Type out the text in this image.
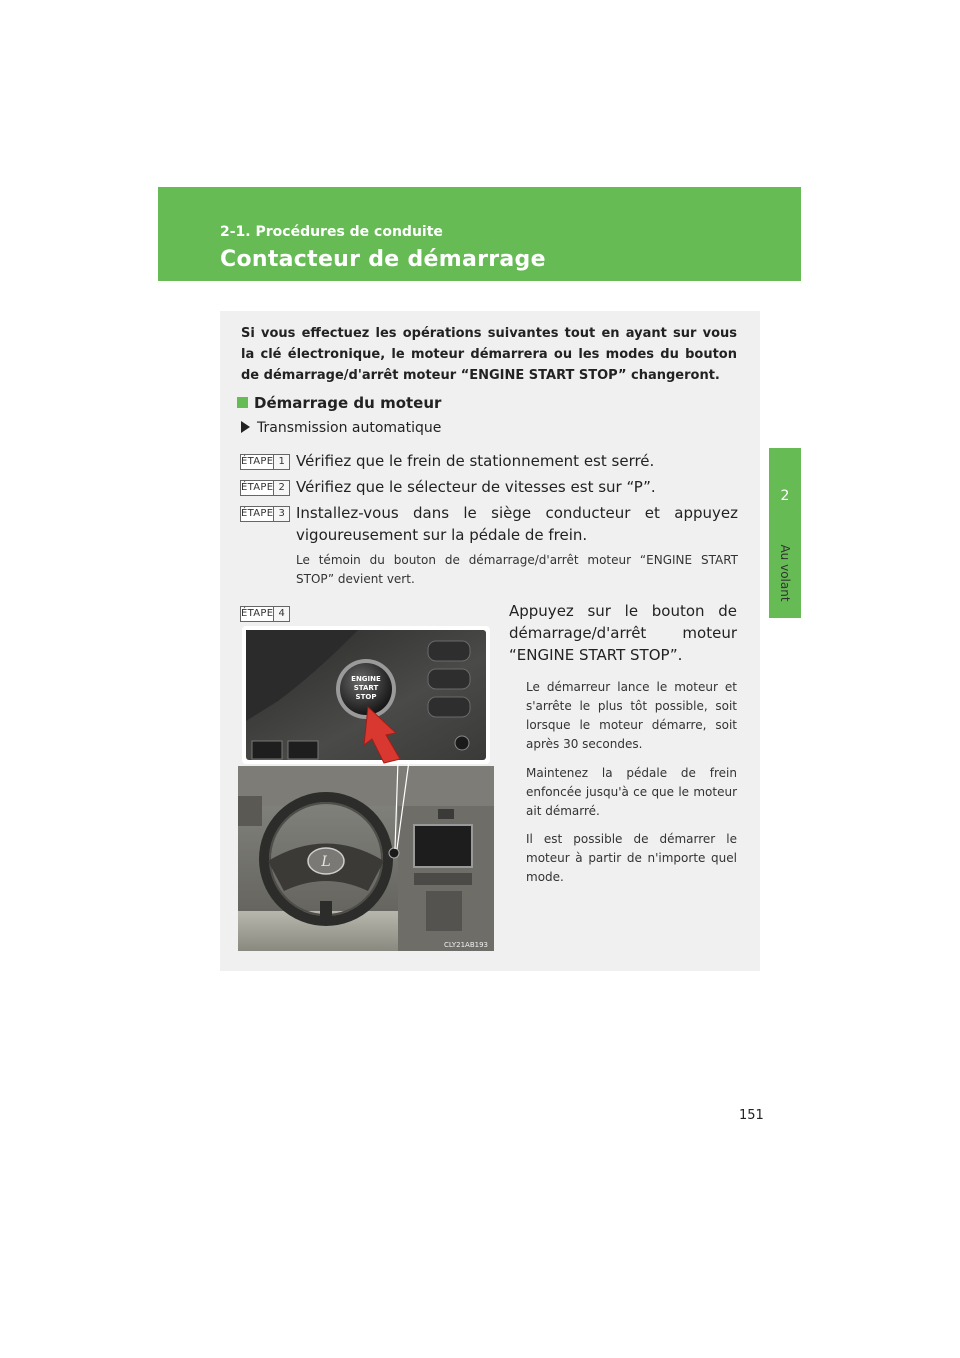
2-1. Procédures de conduite
Contacteur de démarrage
2
Au volant
Si vous effectuez les opérations suivantes tout en ayant sur vous la clé électronique, le moteur démarrera ou les modes du bouton de démarrage/d'arrêt moteur “ENGINE START STOP” changeront.
Démarrage du moteur
Transmission automatique
ÉTAPE 1 Vérifiez que le frein de stationnement est serré.
ÉTAPE 2 Vérifiez que le sélecteur de vitesses est sur “P”.
ÉTAPE 3 Installez-vous dans le siège conducteur et appuyez vigoureusement sur la pédale de frein.
Le témoin du bouton de démarrage/d'arrêt moteur “ENGINE START STOP” devient vert.
ÉTAPE 4	Appuyez sur le bouton de démarrage/d'arrêt moteur “ENGINE START STOP”.
Le démarreur lance le moteur et s'arrête le plus tôt possible, soit lorsque le moteur démarre, soit après 30 secondes.
Maintenez la pédale de frein enfoncée jusqu'à ce que le moteur ait démarré.
Il est possible de démarrer le moteur à partir de n'importe quel mode.
L
ENGINE
START
STOP
CLY21AB193
151
